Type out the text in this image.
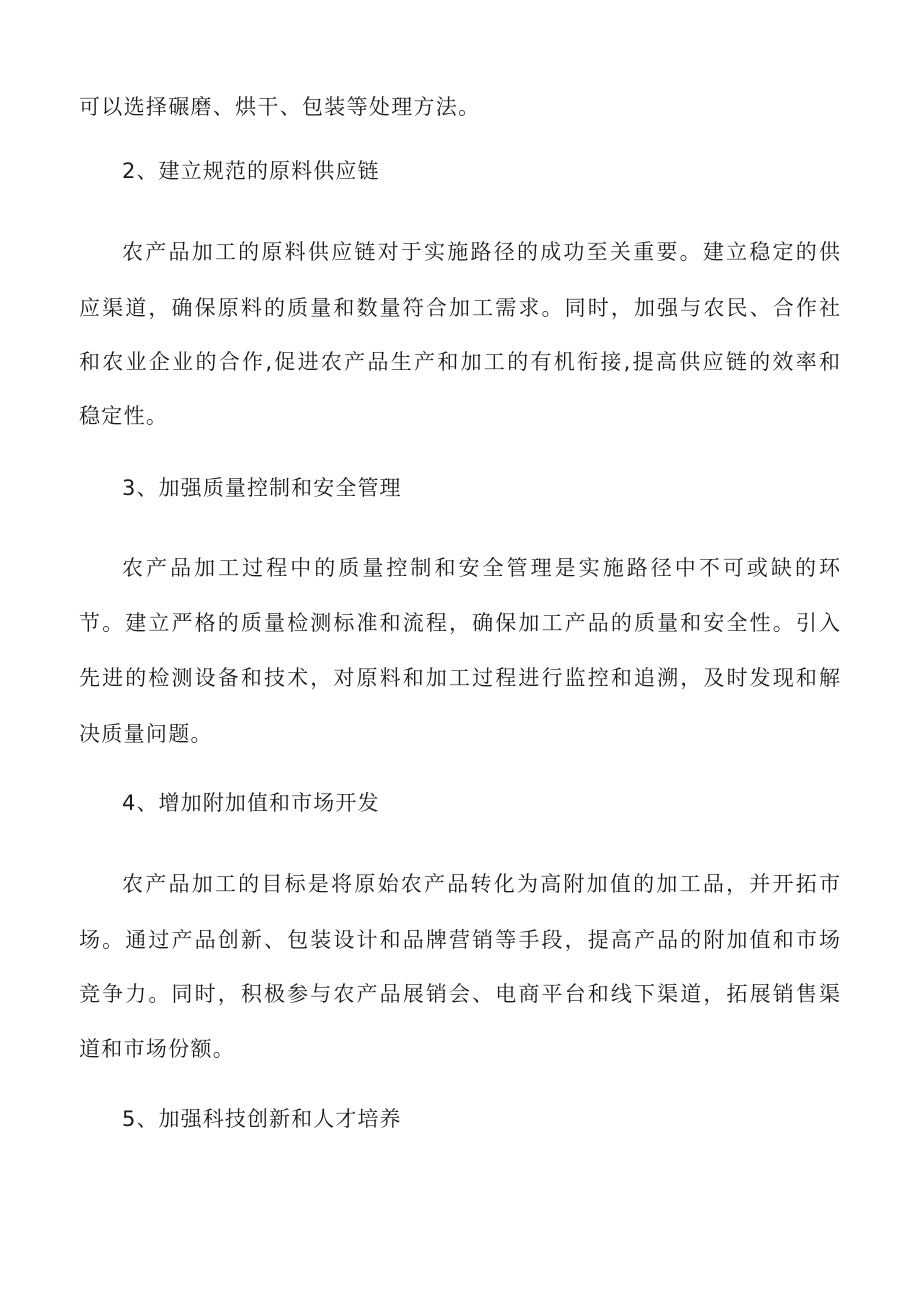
可以选择碾磨、烘干、包装等处理方法。
2、建立规范的原料供应链
农产品加工的原料供应链对于实施路径的成功至关重要。建立稳定的供
应渠道，确保原料的质量和数量符合加工需求。同时，加强与农民、合作社
和农业企业的合作,促进农产品生产和加工的有机衔接,提高供应链的效率和
稳定性。
3、加强质量控制和安全管理
农产品加工过程中的质量控制和安全管理是实施路径中不可或缺的环
节。建立严格的质量检测标准和流程，确保加工产品的质量和安全性。引入
先进的检测设备和技术，对原料和加工过程进行监控和追溯，及时发现和解
决质量问题。
4、增加附加值和市场开发
农产品加工的目标是将原始农产品转化为高附加值的加工品，并开拓市
场。通过产品创新、包装设计和品牌营销等手段，提高产品的附加值和市场
竞争力。同时，积极参与农产品展销会、电商平台和线下渠道，拓展销售渠
道和市场份额。
5、加强科技创新和人才培养
